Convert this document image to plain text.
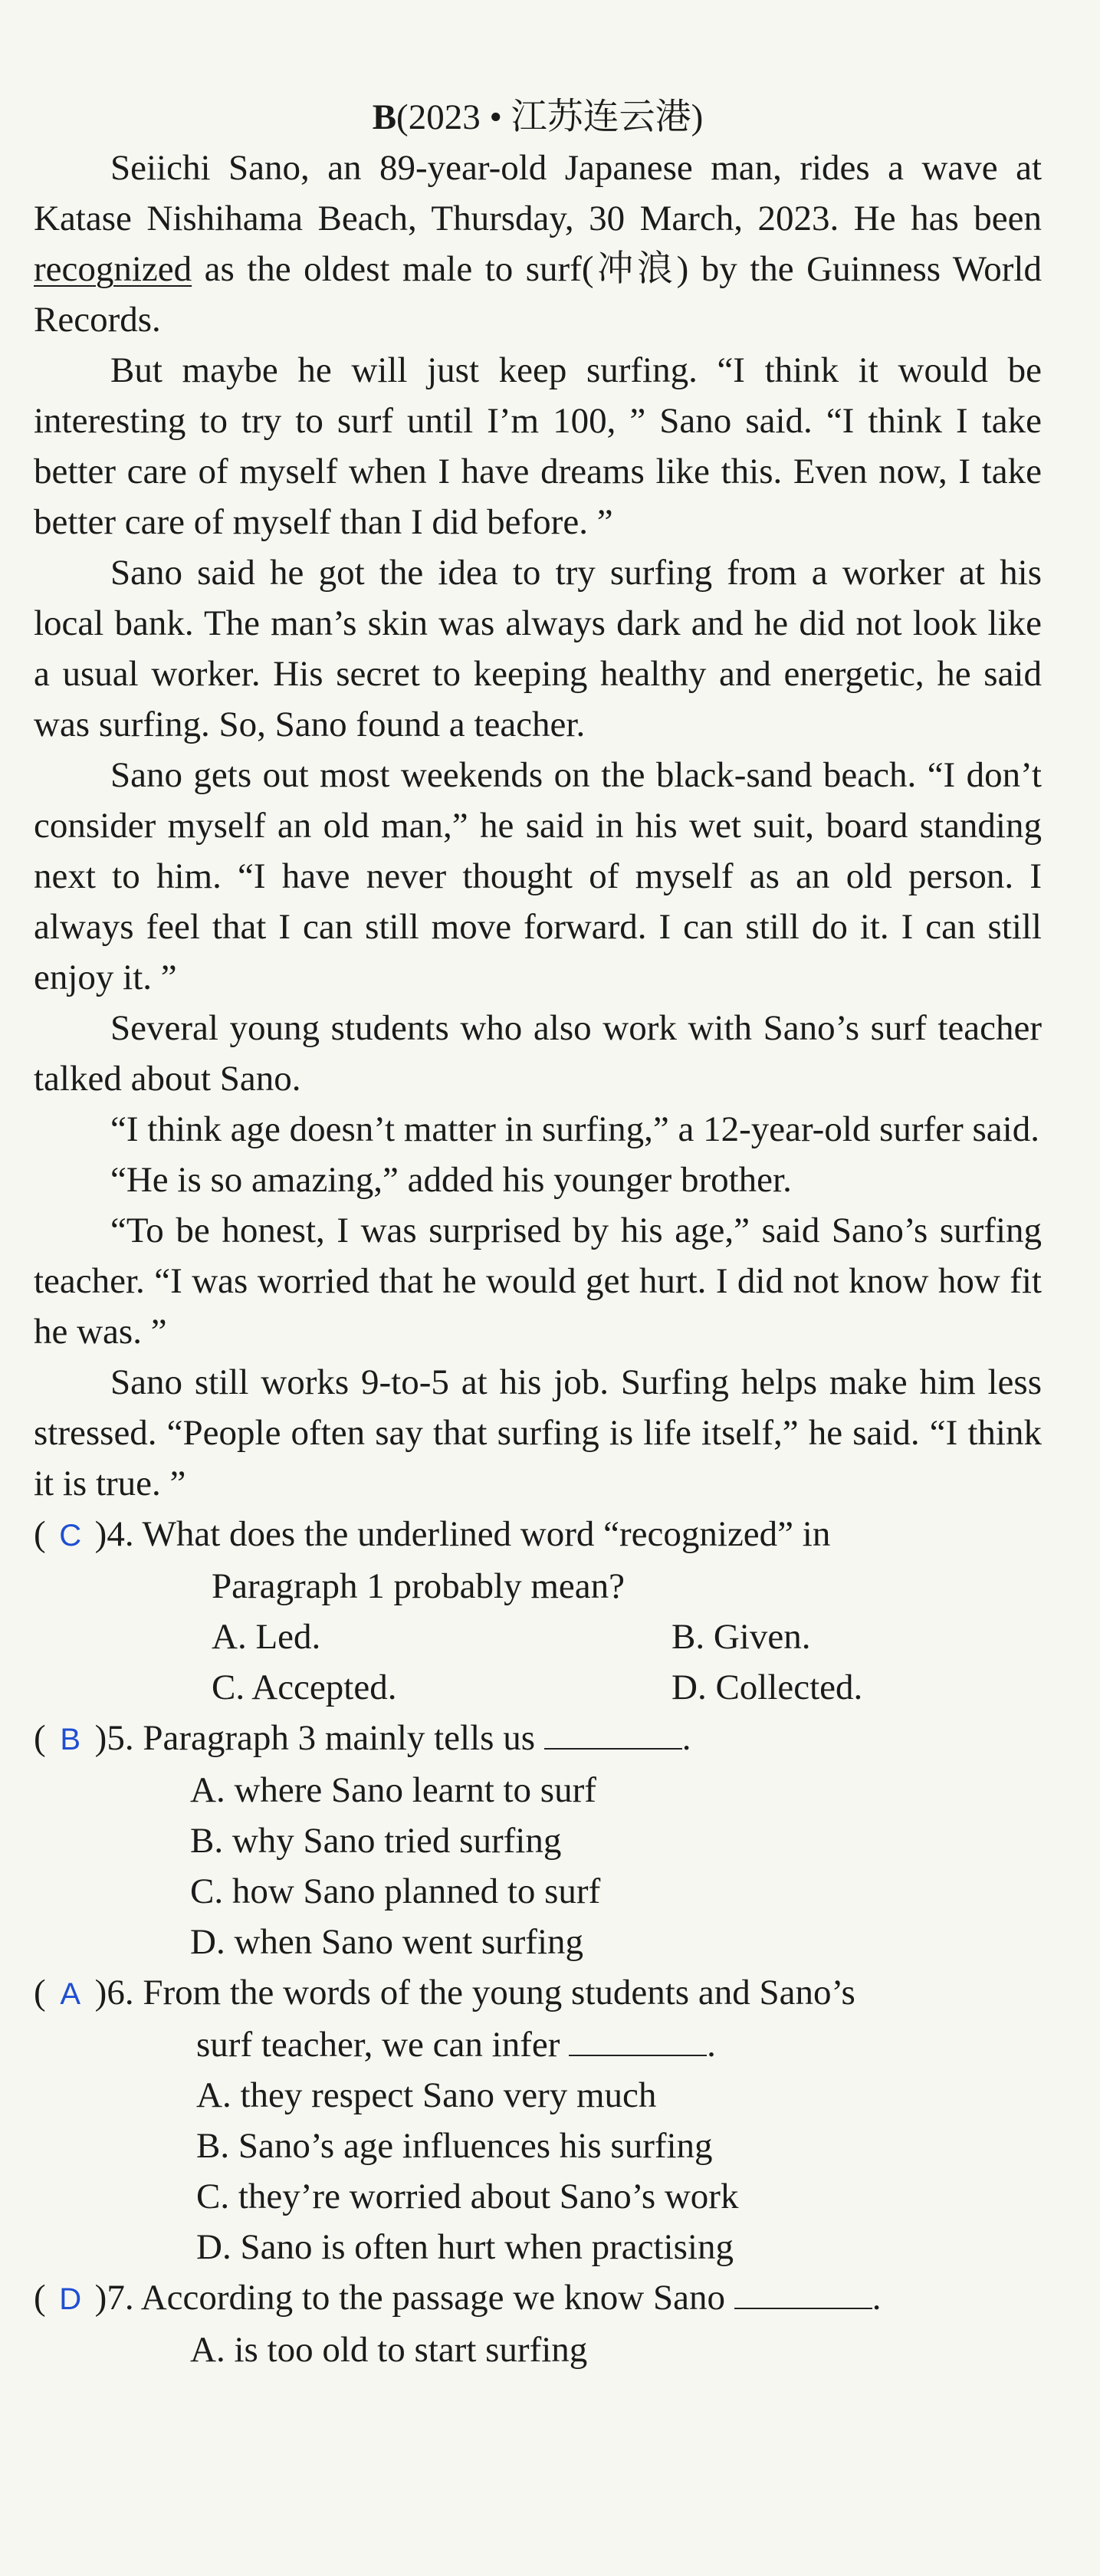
B(2023 • 江苏连云港)

Seiichi Sano, an 89-year-old Japanese man, rides a wave at Katase Nishihama Beach, Thursday, 30 March, 2023. He has been recognized as the oldest male to surf(冲浪) by the Guinness World Records.

But maybe he will just keep surfing. “I think it would be interesting to try to surf until I’m 100, ” Sano said. “I think I take better care of myself when I have dreams like this. Even now, I take better care of myself than I did before. ”

Sano said he got the idea to try surfing from a worker at his local bank. The man’s skin was always dark and he did not look like a usual worker. His secret to keeping healthy and energetic, he said was surfing. So, Sano found a teacher.

Sano gets out most weekends on the black-sand beach. “I don’t consider myself an old man,” he said in his wet suit, board standing next to him. “I have never thought of myself as an old person. I always feel that I can still move forward. I can still do it. I can still enjoy it. ”

Several young students who also work with Sano’s surf teacher talked about Sano.

“I think age doesn’t matter in surfing,” a 12-year-old surfer said.

“He is so amazing,” added his younger brother.

“To be honest, I was surprised by his age,” said Sano’s surfing teacher. “I was worried that he would get hurt. I did not know how fit he was. ”

Sano still works 9-to-5 at his job. Surfing helps make him less stressed. “People often say that surfing is life itself,” he said. “I think it is true. ”

( C ) 4. What does the underlined word “recognized” in
Paragraph 1 probably mean?
A. Led.	B. Given.
C. Accepted.	D. Collected.
( B ) 5. Paragraph 3 mainly tells us	.
A. where Sano learnt to surf
B. why Sano tried surfing
C. how Sano planned to surf
D. when Sano went surfing
( A ) 6. From the words of the young students and Sano’s
surf teacher, we can infer	.
A. they respect Sano very much
B. Sano’s age influences his surfing
C. they’re worried about Sano’s work
D. Sano is often hurt when practising
( D ) 7. According to the passage we know Sano	.
A. is too old to start surfing
